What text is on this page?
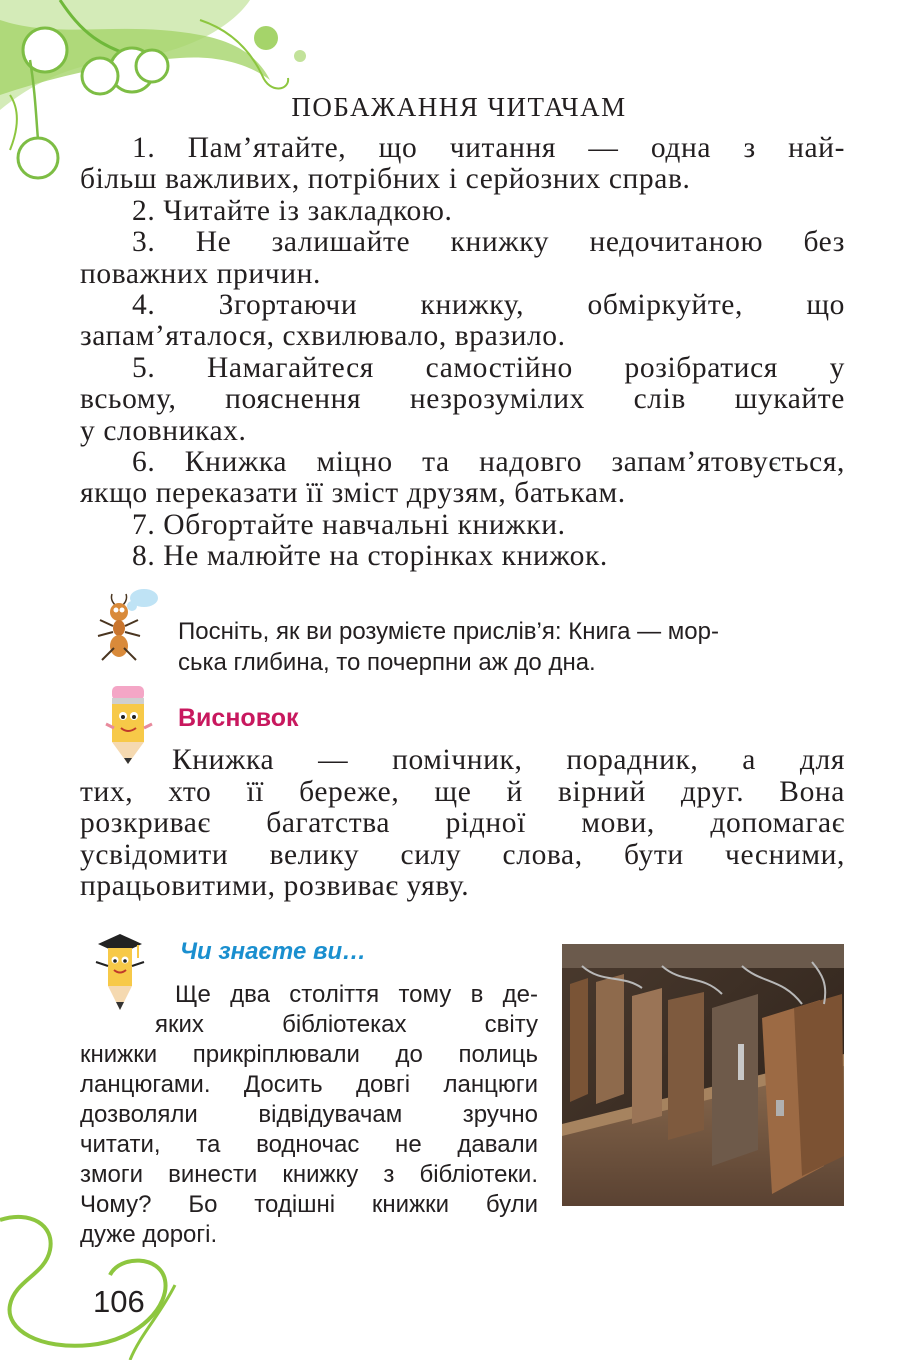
ПОБАЖАННЯ ЧИТАЧАМ

1. Пам’ятайте, що читання — одна з най-

більш важливих, потрібних і серйозних справ.

2. Читайте із закладкою.

3. Не залишайте книжку недочитаною без

поважних причин.

4. Згортаючи книжку, обміркуйте, що

запам’яталося, схвилювало, вразило.

5. Намагайтеся самостійно розібратися у

всьому, пояснення незрозумілих слів шукайте

у словниках.

6. Книжка міцно та надовго запам’ятовується,

якщо переказати її зміст друзям, батькам.

7. Обгортайте навчальні книжки.

8. Не малюйте на сторінках книжок.

Посніть, як ви розумієте прислів’я: Книга — мор-

ська глибина, то почерпни аж до дна.

Висновок

Книжка — помічник, порадник, а для

тих, хто її береже, ще й вірний друг. Вона

розкриває багатства рідної мови, допомагає

усвідомити велику силу слова, бути чесними,

працьовитими, розвиває уяву.

Чи знаєте ви…

Ще два століття тому в де-

яких бібліотеках світу

книжки прикріплювали до полиць

ланцюгами. Досить довгі ланцюги

дозволяли відвідувачам зручно

читати, та водночас не давали

змоги винести книжку з бібліотеки.

Чому? Бо тодішні книжки були

дуже дорогі.

106
